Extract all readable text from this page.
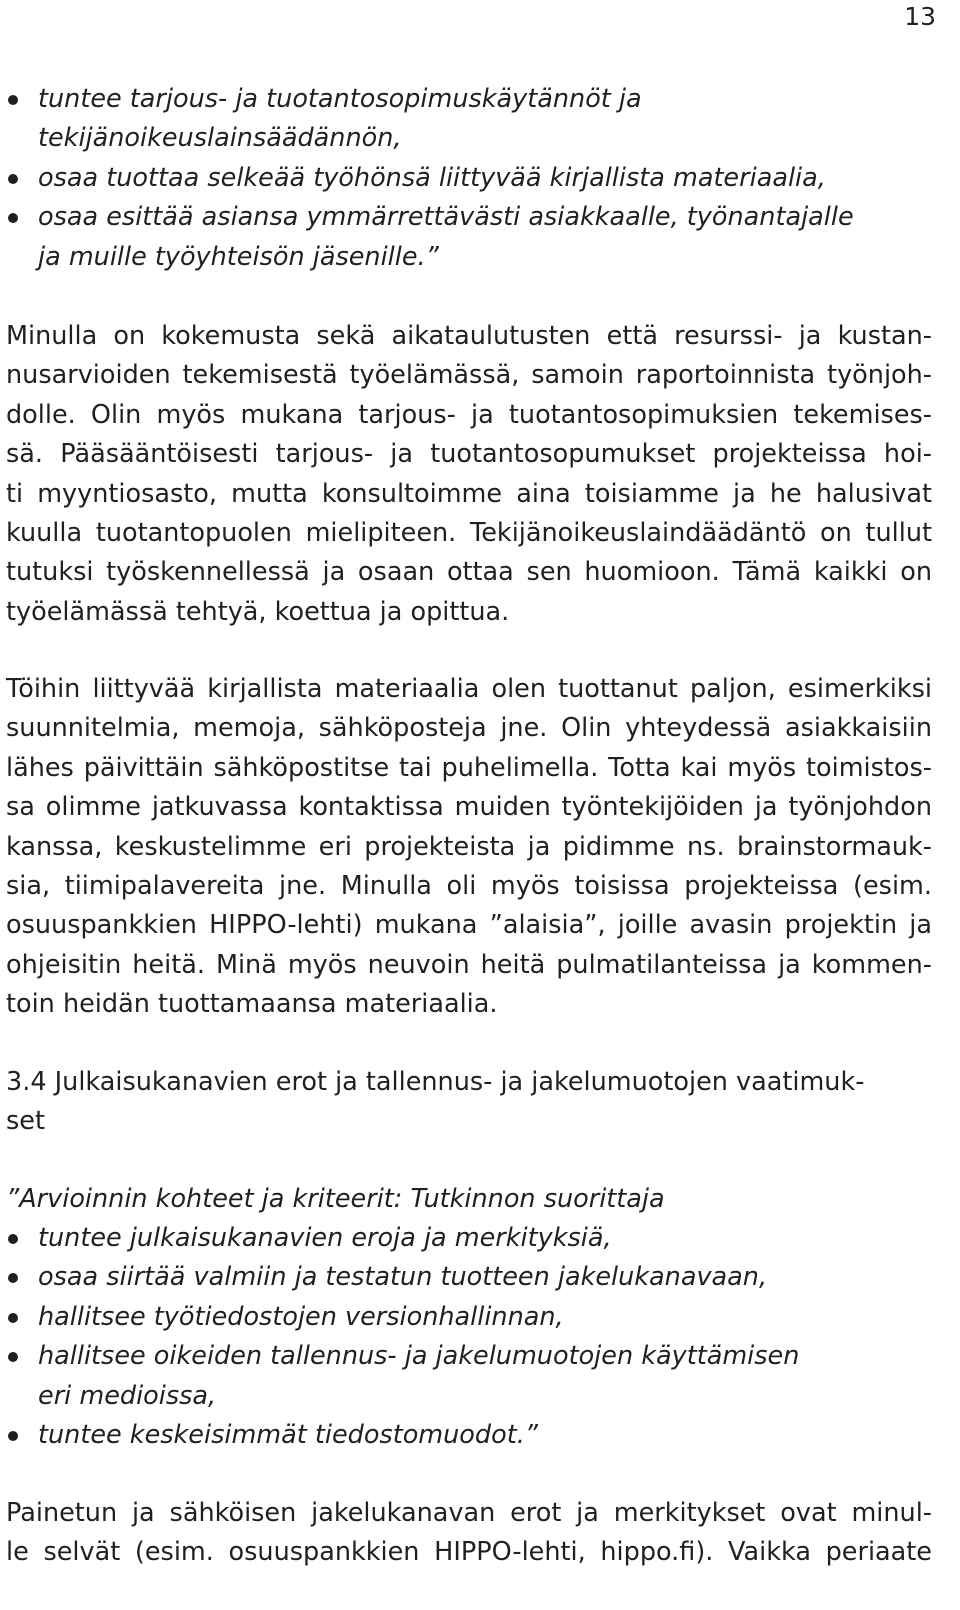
13

tuntee tarjous- ja tuotantosopimuskäytännöt ja

tekijänoikeuslainsäädännön,

osaa tuottaa selkeää työhönsä liittyvää kirjallista materiaalia,

osaa esittää asiansa ymmärrettävästi asiakkaalle, työnantajalle

ja muille työyhteisön jäsenille.”

Minulla on kokemusta sekä aikataulutusten että resurssi- ja kustan-

nusarvioiden tekemisestä työelämässä, samoin raportoinnista työnjoh-

dolle. Olin myös mukana tarjous- ja tuotantosopimuksien tekemises-

sä. Pääsääntöisesti tarjous- ja tuotantosopumukset projekteissa hoi-

ti myyntiosasto, mutta konsultoimme aina toisiamme ja he halusivat

kuulla tuotantopuolen mielipiteen. Tekijänoikeuslaindäädäntö on tullut

tutuksi työskennellessä ja osaan ottaa sen huomioon. Tämä kaikki on

työelämässä tehtyä, koettua ja opittua.

Töihin liittyvää kirjallista materiaalia olen tuottanut paljon, esimerkiksi

suunnitelmia, memoja, sähköposteja jne. Olin yhteydessä asiakkaisiin

lähes päivittäin sähköpostitse tai puhelimella. Totta kai myös toimistos-

sa olimme jatkuvassa kontaktissa muiden työntekijöiden ja työnjohdon

kanssa, keskustelimme eri projekteista ja pidimme ns. brainstormauk-

sia, tiimipalavereita jne. Minulla oli myös toisissa projekteissa (esim.

osuuspankkien HIPPO-lehti) mukana ”alaisia”, joille avasin projektin ja

ohjeisitin heitä. Minä myös neuvoin heitä pulmatilanteissa ja kommen-

toin heidän tuottamaansa materiaalia.

3.4 Julkaisukanavien erot ja tallennus- ja jakelumuotojen vaatimuk-

set

”Arvioinnin kohteet ja kriteerit: Tutkinnon suorittaja

tuntee julkaisukanavien eroja ja merkityksiä,

osaa siirtää valmiin ja testatun tuotteen jakelukanavaan,

hallitsee työtiedostojen versionhallinnan,

hallitsee oikeiden tallennus- ja jakelumuotojen käyttämisen

eri medioissa,

tuntee keskeisimmät tiedostomuodot.”

Painetun ja sähköisen jakelukanavan erot ja merkitykset ovat minul-

le selvät (esim. osuuspankkien HIPPO-lehti, hippo.fi). Vaikka periaate
